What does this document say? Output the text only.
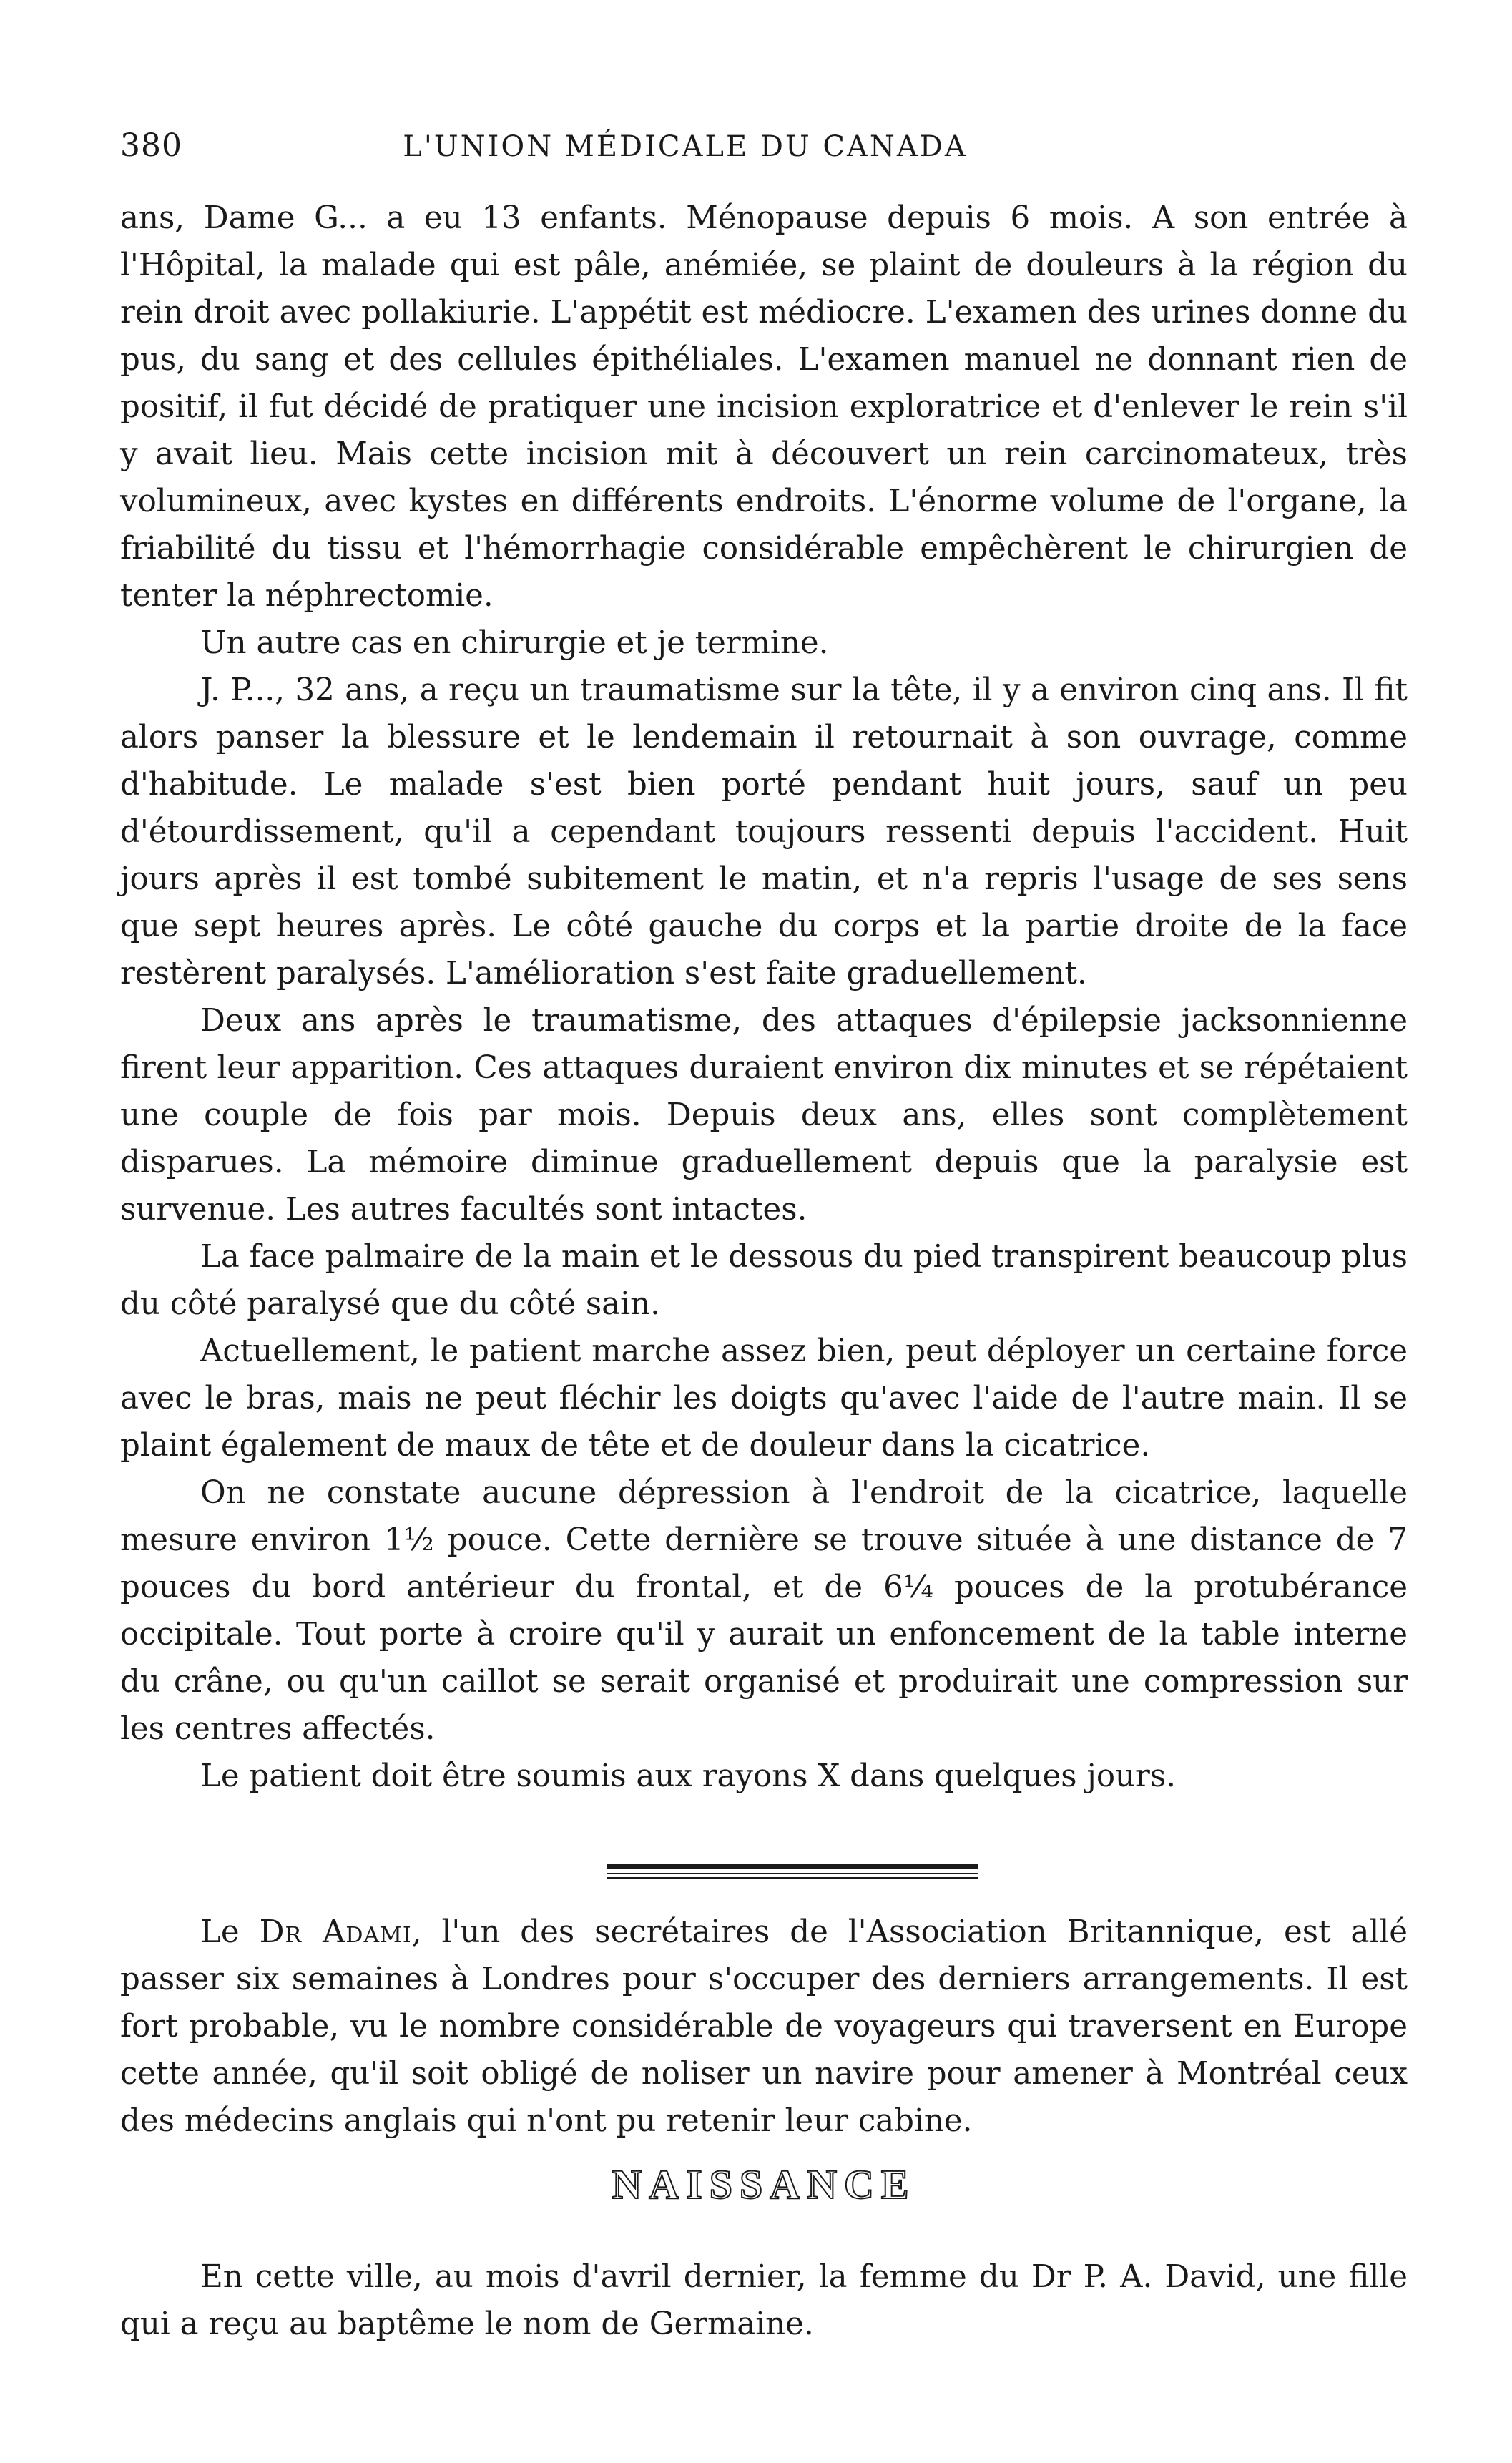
380	L'UNION MÉDICALE DU CANADA

ans, Dame G... a eu 13 enfants. Ménopause depuis 6 mois. A son entrée à l'Hôpital, la malade qui est pâle, anémiée, se plaint de douleurs à la région du rein droit avec pollakiurie. L'appétit est médiocre. L'examen des urines donne du pus, du sang et des cellules épithéliales. L'examen manuel ne donnant rien de positif, il fut décidé de pratiquer une incision exploratrice et d'enlever le rein s'il y avait lieu. Mais cette incision mit à découvert un rein carcinomateux, très volumineux, avec kystes en différents endroits. L'énorme volume de l'organe, la friabilité du tissu et l'hémorrhagie considérable empêchèrent le chirurgien de tenter la néphrectomie.

Un autre cas en chirurgie et je termine.

J. P..., 32 ans, a reçu un traumatisme sur la tête, il y a environ cinq ans. Il fit alors panser la blessure et le lendemain il retournait à son ouvrage, comme d'habitude. Le malade s'est bien porté pendant huit jours, sauf un peu d'étourdissement, qu'il a cependant toujours ressenti depuis l'accident. Huit jours après il est tombé subitement le matin, et n'a repris l'usage de ses sens que sept heures après. Le côté gauche du corps et la partie droite de la face restèrent paralysés. L'amélioration s'est faite graduellement.

Deux ans après le traumatisme, des attaques d'épilepsie jacksonnienne firent leur apparition. Ces attaques duraient environ dix minutes et se répétaient une couple de fois par mois. Depuis deux ans, elles sont complètement disparues. La mémoire diminue graduellement depuis que la paralysie est survenue. Les autres facultés sont intactes.

La face palmaire de la main et le dessous du pied transpirent beaucoup plus du côté paralysé que du côté sain.

Actuellement, le patient marche assez bien, peut déployer un certaine force avec le bras, mais ne peut fléchir les doigts qu'avec l'aide de l'autre main. Il se plaint également de maux de tête et de douleur dans la cicatrice.

On ne constate aucune dépression à l'endroit de la cicatrice, laquelle mesure environ 1½ pouce. Cette dernière se trouve située à une distance de 7 pouces du bord antérieur du frontal, et de 6¼ pouces de la protubérance occipitale. Tout porte à croire qu'il y aurait un enfoncement de la table interne du crâne, ou qu'un caillot se serait organisé et produirait une compression sur les centres affectés.

Le patient doit être soumis aux rayons X dans quelques jours.

Le Dr Adami, l'un des secrétaires de l'Association Britannique, est allé passer six semaines à Londres pour s'occuper des derniers arrangements. Il est fort probable, vu le nombre considérable de voyageurs qui traversent en Europe cette année, qu'il soit obligé de noliser un navire pour amener à Montréal ceux des médecins anglais qui n'ont pu retenir leur cabine.

NAISSANCE

En cette ville, au mois d'avril dernier, la femme du Dr P. A. David, une fille qui a reçu au baptême le nom de Germaine.
